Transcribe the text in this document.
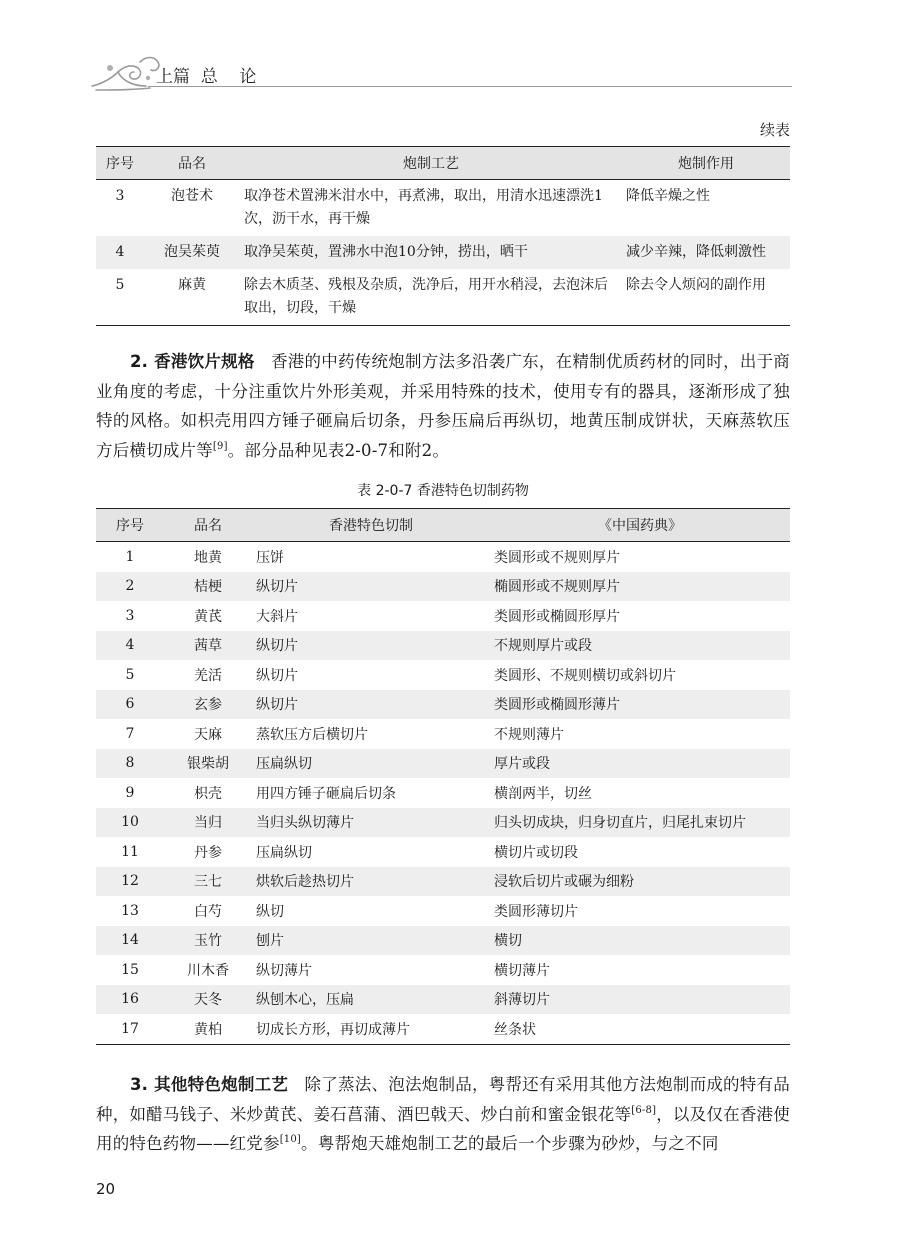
上篇  总    论
续表
序号	品名	炮制工艺	炮制作用
3	泡苍术	取净苍术置沸米泔水中，再煮沸，取出，用清水迅速漂洗1次，沥干水，再干燥	降低辛燥之性
4	泡吴茱萸	取净吴茱萸，置沸水中泡10分钟，捞出，晒干	减少辛辣，降低刺激性
5	麻黄	除去木质茎、残根及杂质，洗净后，用开水稍浸，去泡沫后取出，切段，干燥	除去令人烦闷的副作用

2. 香港饮片规格 香港的中药传统炮制方法多沿袭广东，在精制优质药材的同时，出于商业角度的考虑，十分注重饮片外形美观，并采用特殊的技术，使用专有的器具，逐渐形成了独特的风格。如枳壳用四方锤子砸扁后切条，丹参压扁后再纵切，地黄压制成饼状，天麻蒸软压方后横切成片等[9]。部分品种见表2-0-7和附2。

表 2-0-7 香港特色切制药物
序号	品名	香港特色切制	《中国药典》
1	地黄	压饼	类圆形或不规则厚片
2	桔梗	纵切片	椭圆形或不规则厚片
3	黄芪	大斜片	类圆形或椭圆形厚片
4	茜草	纵切片	不规则厚片或段
5	羌活	纵切片	类圆形、不规则横切或斜切片
6	玄参	纵切片	类圆形或椭圆形薄片
7	天麻	蒸软压方后横切片	不规则薄片
8	银柴胡	压扁纵切	厚片或段
9	枳壳	用四方锤子砸扁后切条	横剖两半，切丝
10	当归	当归头纵切薄片	归头切成块，归身切直片，归尾扎束切片
11	丹参	压扁纵切	横切片或切段
12	三七	烘软后趁热切片	浸软后切片或碾为细粉
13	白芍	纵切	类圆形薄切片
14	玉竹	刨片	横切
15	川木香	纵切薄片	横切薄片
16	天冬	纵刨木心，压扁	斜薄切片
17	黄柏	切成长方形，再切成薄片	丝条状

3. 其他特色炮制工艺 除了蒸法、泡法炮制品，粤帮还有采用其他方法炮制而成的特有品种，如醋马钱子、米炒黄芪、姜石菖蒲、酒巴戟天、炒白前和蜜金银花等[6-8]，以及仅在香港使用的特色药物——红党参[10]。粤帮炮天雄炮制工艺的最后一个步骤为砂炒，与之不同

20
